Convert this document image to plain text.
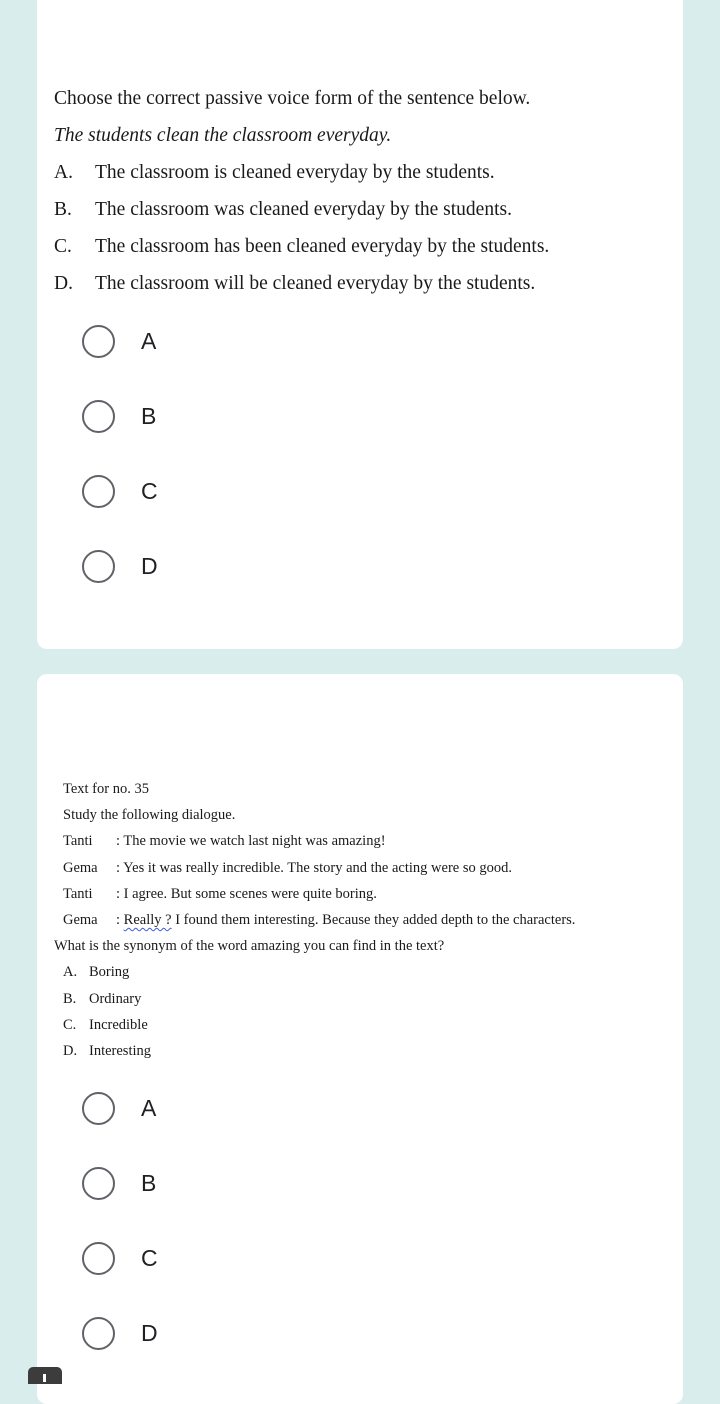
Choose the correct passive voice form of the sentence below.
The students clean the classroom everyday.
A.	The classroom is cleaned everyday by the students.
B.	The classroom was cleaned everyday by the students.
C.	The classroom has been cleaned everyday by the students.
D.	The classroom will be cleaned everyday by the students.
A
B
C
D
Text for no. 35
Study the following dialogue.
Tanti	: The movie we watch last night was amazing!
Gema	: Yes it was really incredible. The story and the acting were so good.
Tanti	: I agree. But some scenes were quite boring.
Gema	: Really ? I found them interesting. Because they added depth to the characters.
What is the synonym of the word amazing you can find in the text?
A. Boring
B. Ordinary
C. Incredible
D. Interesting
A
B
C
D
